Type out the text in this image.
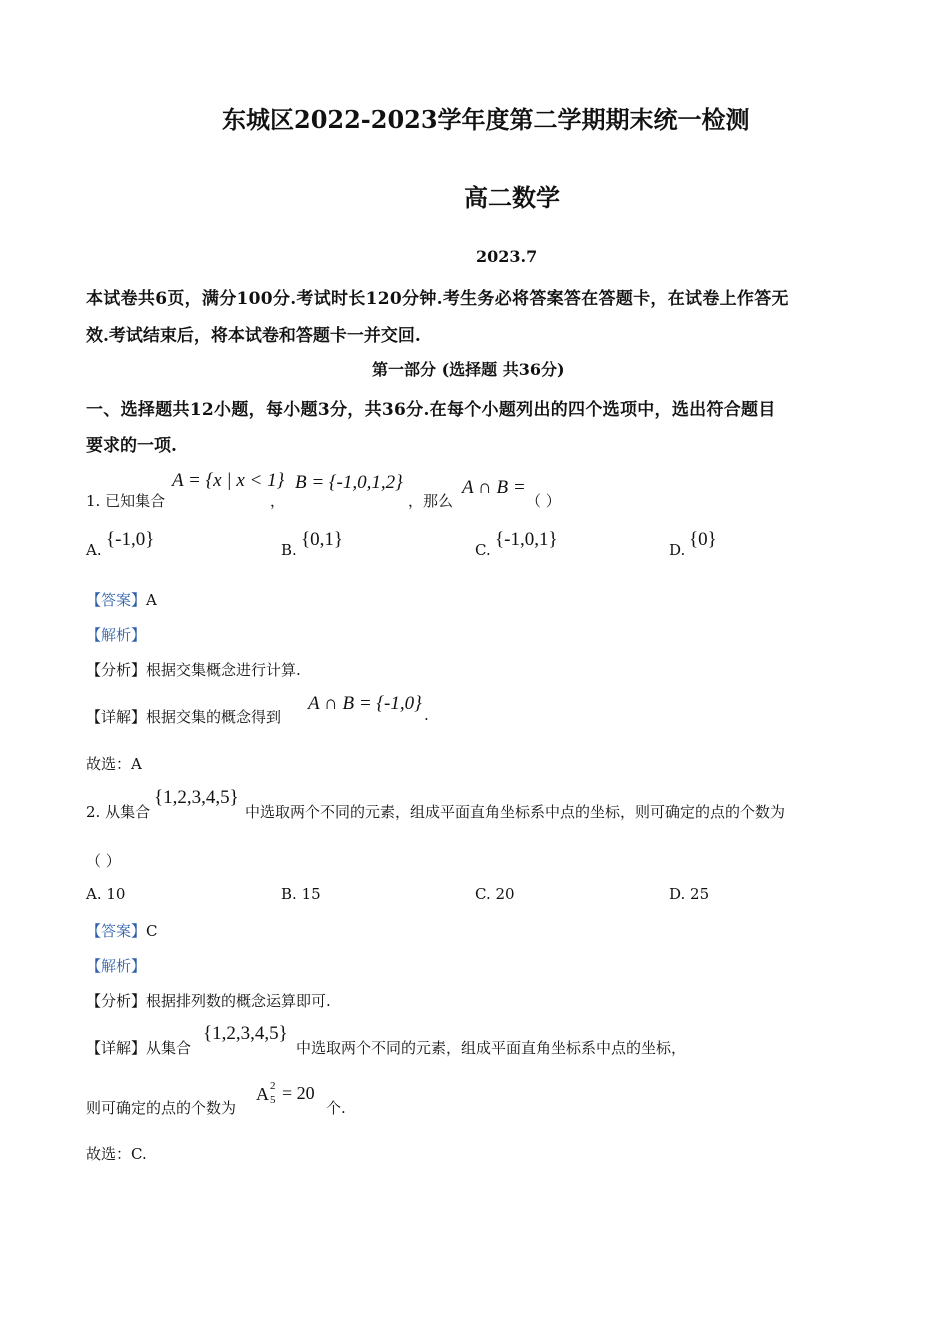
东城区2022-2023学年度第二学期期末统一检测
高二数学
2023.7
本试卷共6页，满分100分.考试时长120分钟.考生务必将答案答在答题卡，在试卷上作答无
效.考试结束后，将本试卷和答题卡一并交回.
第一部分 (选择题 共36分)
一、选择题共12小题，每小题3分，共36分.在每个小题列出的四个选项中，选出符合题目
要求的一项.
1. 已知集合
A = {x | x < 1}
，
B = {-1,0,1,2}
，那么
A ∩ B =
（ ）
A. {-1,0}	B. {0,1}	C. {-1,0,1}	D. {0}
【答案】A
【解析】
【分析】根据交集概念进行计算.
【详解】根据交集的概念得到
A ∩ B = {-1,0}
.
故选：A
2. 从集合
{1,2,3,4,5}
中选取两个不同的元素，组成平面直角坐标系中点的坐标，则可确定的点的个数为
（ ）
A. 10	B. 15	C. 20	D. 25
【答案】C
【解析】
【分析】根据排列数的概念运算即可.
【详解】从集合
{1,2,3,4,5}
中选取两个不同的元素，组成平面直角坐标系中点的坐标，
则可确定的点的个数为
A 2
5 = 20
个.
故选：C.
